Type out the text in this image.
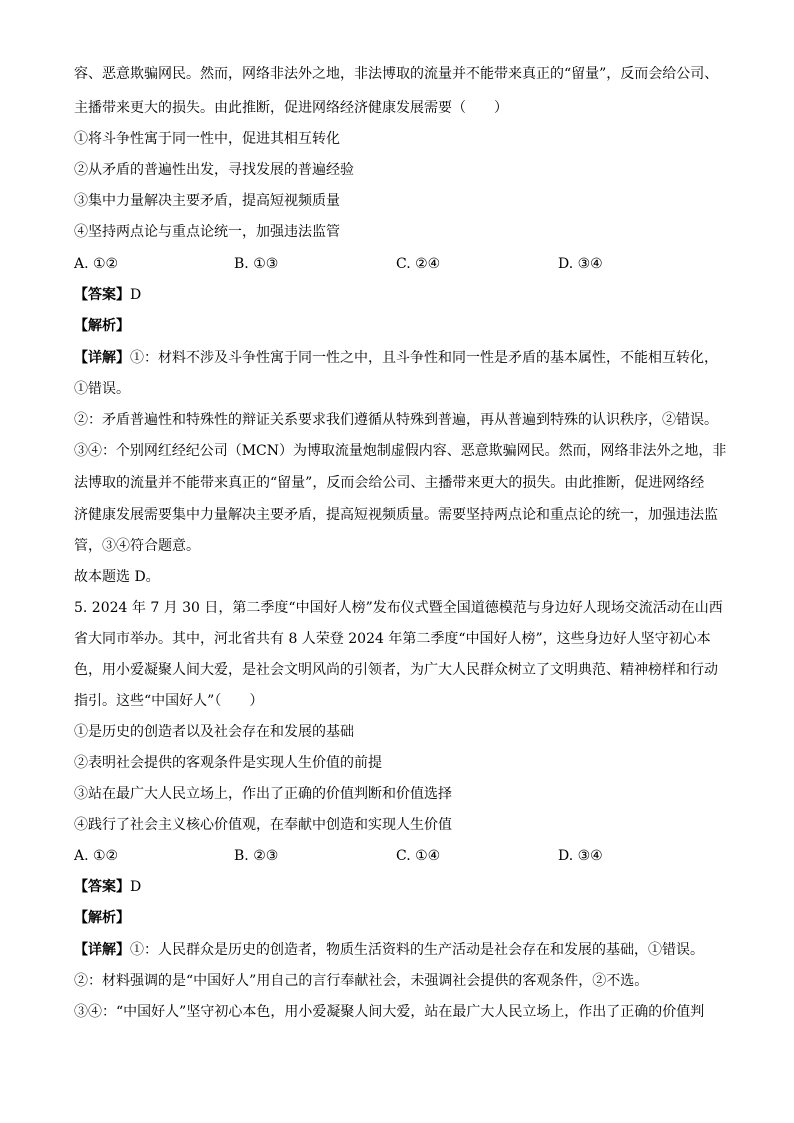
容、恶意欺骗网民。然而，网络非法外之地，非法博取的流量并不能带来真正的“留量”，反而会给公司、
主播带来更大的损失。由此推断，促进网络经济健康发展需要（　　）
①将斗争性寓于同一性中，促进其相互转化
②从矛盾的普遍性出发，寻找发展的普遍经验
③集中力量解决主要矛盾，提高短视频质量
④坚持两点论与重点论统一，加强违法监管
A. ①②	B. ①③	C. ②④	D. ③④
【答案】D
【解析】
【详解】①：材料不涉及斗争性寓于同一性之中，且斗争性和同一性是矛盾的基本属性，不能相互转化，
①错误。
②：矛盾普遍性和特殊性的辩证关系要求我们遵循从特殊到普遍，再从普遍到特殊的认识秩序，②错误。
③④：个别网红经纪公司（MCN）为博取流量炮制虚假内容、恶意欺骗网民。然而，网络非法外之地，非
法博取的流量并不能带来真正的“留量”，反而会给公司、主播带来更大的损失。由此推断，促进网络经
济健康发展需要集中力量解决主要矛盾，提高短视频质量。需要坚持两点论和重点论的统一，加强违法监
管，③④符合题意。
故本题选 D。
5. 2024 年 7 月 30 日，第二季度“中国好人榜”发布仪式暨全国道德模范与身边好人现场交流活动在山西
省大同市举办。其中，河北省共有 8 人荣登 2024 年第二季度“中国好人榜”，这些身边好人坚守初心本
色，用小爱凝聚人间大爱，是社会文明风尚的引领者，为广大人民群众树立了文明典范、精神榜样和行动
指引。这些“中国好人”（　　）
①是历史的创造者以及社会存在和发展的基础
②表明社会提供的客观条件是实现人生价值的前提
③站在最广大人民立场上，作出了正确的价值判断和价值选择
④践行了社会主义核心价值观，在奉献中创造和实现人生价值
A. ①②	B. ②③	C. ①④	D. ③④
【答案】D
【解析】
【详解】①：人民群众是历史的创造者，物质生活资料的生产活动是社会存在和发展的基础，①错误。
②：材料强调的是“中国好人”用自己的言行奉献社会，未强调社会提供的客观条件，②不选。
③④：“中国好人”坚守初心本色，用小爱凝聚人间大爱，站在最广大人民立场上，作出了正确的价值判
